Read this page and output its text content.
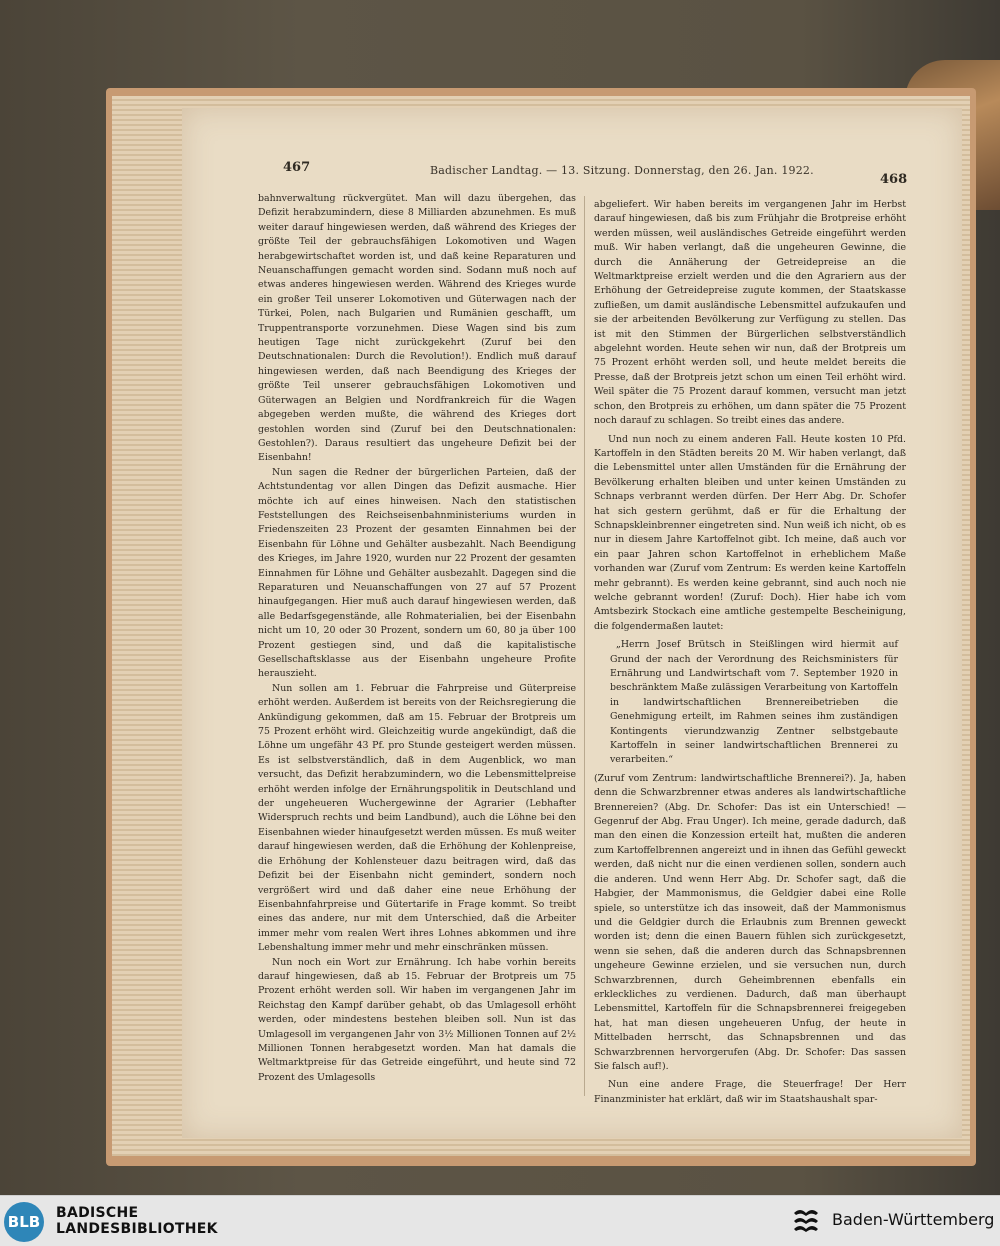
467	Badischer Landtag. — 13. Sitzung. Donnerstag, den 26. Jan. 1922.
468

bahnverwaltung rückvergütet. Man will dazu übergehen, das Defizit herabzumindern, diese 8 Milliarden abzunehmen. Es muß weiter darauf hingewiesen werden, daß während des Krieges der größte Teil der gebrauchsfähigen Lokomotiven und Wagen herabgewirtschaftet worden ist, und daß keine Reparaturen und Neuanschaffungen gemacht worden sind. Sodann muß noch auf etwas anderes hingewiesen werden. Während des Krieges wurde ein großer Teil unserer Lokomotiven und Güterwagen nach der Türkei, Polen, nach Bulgarien und Rumänien geschafft, um Truppentransporte vorzunehmen. Diese Wagen sind bis zum heutigen Tage nicht zurückgekehrt (Zuruf bei den Deutschnationalen: Durch die Revolution!). Endlich muß darauf hingewiesen werden, daß nach Beendigung des Krieges der größte Teil unserer gebrauchsfähigen Lokomotiven und Güterwagen an Belgien und Nordfrankreich für die Wagen abgegeben werden mußte, die während des Krieges dort gestohlen worden sind (Zuruf bei den Deutschnationalen: Gestohlen?). Daraus resultiert das ungeheure Defizit bei der Eisenbahn!

Nun sagen die Redner der bürgerlichen Parteien, daß der Achtstundentag vor allen Dingen das Defizit ausmache. Hier möchte ich auf eines hinweisen. Nach den statistischen Feststellungen des Reichseisenbahnministeriums wurden in Friedenszeiten 23 Prozent der gesamten Einnahmen bei der Eisenbahn für Löhne und Gehälter ausbezahlt. Nach Beendigung des Krieges, im Jahre 1920, wurden nur 22 Prozent der gesamten Einnahmen für Löhne und Gehälter ausbezahlt. Dagegen sind die Reparaturen und Neuanschaffungen von 27 auf 57 Prozent hinaufgegangen. Hier muß auch darauf hingewiesen werden, daß alle Bedarfsgegenstände, alle Rohmaterialien, bei der Eisenbahn nicht um 10, 20 oder 30 Prozent, sondern um 60, 80 ja über 100 Prozent gestiegen sind, und daß die kapitalistische Gesellschaftsklasse aus der Eisenbahn ungeheure Profite herauszieht.

Nun sollen am 1. Februar die Fahrpreise und Güterpreise erhöht werden. Außerdem ist bereits von der Reichsregierung die Ankündigung gekommen, daß am 15. Februar der Brotpreis um 75 Prozent erhöht wird. Gleichzeitig wurde angekündigt, daß die Löhne um ungefähr 43 Pf. pro Stunde gesteigert werden müssen. Es ist selbstverständlich, daß in dem Augenblick, wo man versucht, das Defizit herabzumindern, wo die Lebensmittelpreise erhöht werden infolge der Ernährungspolitik in Deutschland und der ungeheueren Wuchergewinne der Agrarier (Lebhafter Widerspruch rechts und beim Landbund), auch die Löhne bei den Eisenbahnen wieder hinaufgesetzt werden müssen. Es muß weiter darauf hingewiesen werden, daß die Erhöhung der Kohlenpreise, die Erhöhung der Kohlensteuer dazu beitragen wird, daß das Defizit bei der Eisenbahn nicht gemindert, sondern noch vergrößert wird und daß daher eine neue Erhöhung der Eisenbahnfahrpreise und Gütertarife in Frage kommt. So treibt eines das andere, nur mit dem Unterschied, daß die Arbeiter immer mehr vom realen Wert ihres Lohnes abkommen und ihre Lebenshaltung immer mehr und mehr einschränken müssen.

Nun noch ein Wort zur Ernährung. Ich habe vorhin bereits darauf hingewiesen, daß ab 15. Februar der Brotpreis um 75 Prozent erhöht werden soll. Wir haben im vergangenen Jahr im Reichstag den Kampf darüber gehabt, ob das Umlagesoll erhöht werden, oder mindestens bestehen bleiben soll. Nun ist das Umlagesoll im vergangenen Jahr von 3½ Millionen Tonnen auf 2½ Millionen Tonnen herabgesetzt worden. Man hat damals die Weltmarktpreise für das Getreide eingeführt, und heute sind 72 Prozent des Umlagesolls

abgeliefert. Wir haben bereits im vergangenen Jahr im Herbst darauf hingewiesen, daß bis zum Frühjahr die Brotpreise erhöht werden müssen, weil ausländisches Getreide eingeführt werden muß. Wir haben verlangt, daß die ungeheuren Gewinne, die durch die Annäherung der Getreidepreise an die Weltmarktpreise erzielt werden und die den Agrariern aus der Erhöhung der Getreidepreise zugute kommen, der Staatskasse zufließen, um damit ausländische Lebensmittel aufzukaufen und sie der arbeitenden Bevölkerung zur Verfügung zu stellen. Das ist mit den Stimmen der Bürgerlichen selbstverständlich abgelehnt worden. Heute sehen wir nun, daß der Brotpreis um 75 Prozent erhöht werden soll, und heute meldet bereits die Presse, daß der Brotpreis jetzt schon um einen Teil erhöht wird. Weil später die 75 Prozent darauf kommen, versucht man jetzt schon, den Brotpreis zu erhöhen, um dann später die 75 Prozent noch darauf zu schlagen. So treibt eines das andere.

Und nun noch zu einem anderen Fall. Heute kosten 10 Pfd. Kartoffeln in den Städten bereits 20 M. Wir haben verlangt, daß die Lebensmittel unter allen Umständen für die Ernährung der Bevölkerung erhalten bleiben und unter keinen Umständen zu Schnaps verbrannt werden dürfen. Der Herr Abg. Dr. Schofer hat sich gestern gerühmt, daß er für die Erhaltung der Schnapskleinbrenner eingetreten sind. Nun weiß ich nicht, ob es nur in diesem Jahre Kartoffelnot gibt. Ich meine, daß auch vor ein paar Jahren schon Kartoffelnot in erheblichem Maße vorhanden war (Zuruf vom Zentrum: Es werden keine Kartoffeln mehr gebrannt). Es werden keine gebrannt, sind auch noch nie welche gebrannt worden! (Zuruf: Doch). Hier habe ich vom Amtsbezirk Stockach eine amtliche gestempelte Bescheinigung, die folgendermaßen lautet:

„Herrn Josef Brütsch in Steißlingen wird hiermit auf Grund der nach der Verordnung des Reichsministers für Ernährung und Landwirtschaft vom 7. September 1920 in beschränktem Maße zulässigen Verarbeitung von Kartoffeln in landwirtschaftlichen Brennereibetrieben die Genehmigung erteilt, im Rahmen seines ihm zuständigen Kontingents vierundzwanzig Zentner selbstgebaute Kartoffeln in seiner landwirtschaftlichen Brennerei zu verarbeiten.“

(Zuruf vom Zentrum: landwirtschaftliche Brennerei?). Ja, haben denn die Schwarzbrenner etwas anderes als landwirtschaftliche Brennereien? (Abg. Dr. Schofer: Das ist ein Unterschied! — Gegenruf der Abg. Frau Unger). Ich meine, gerade dadurch, daß man den einen die Konzession erteilt hat, mußten die anderen zum Kartoffelbrennen angereizt und in ihnen das Gefühl geweckt werden, daß nicht nur die einen verdienen sollen, sondern auch die anderen. Und wenn Herr Abg. Dr. Schofer sagt, daß die Habgier, der Mammonismus, die Geldgier dabei eine Rolle spiele, so unterstütze ich das insoweit, daß der Mammonismus und die Geldgier durch die Erlaubnis zum Brennen geweckt worden ist; denn die einen Bauern fühlen sich zurückgesetzt, wenn sie sehen, daß die anderen durch das Schnapsbrennen ungeheure Gewinne erzielen, und sie versuchen nun, durch Schwarzbrennen, durch Geheimbrennen ebenfalls ein erkleckliches zu verdienen. Dadurch, daß man überhaupt Lebensmittel, Kartoffeln für die Schnapsbrennerei freigegeben hat, hat man diesen ungeheueren Unfug, der heute in Mittelbaden herrscht, das Schnapsbrennen und das Schwarzbrennen hervorgerufen (Abg. Dr. Schofer: Das sassen Sie falsch auf!).

Nun eine andere Frage, die Steuerfrage! Der Herr Finanzminister hat erklärt, daß wir im Staatshaushalt spar-

BLB BADISCHE
LANDESBIBLIOTHEK	Baden-Württemberg
